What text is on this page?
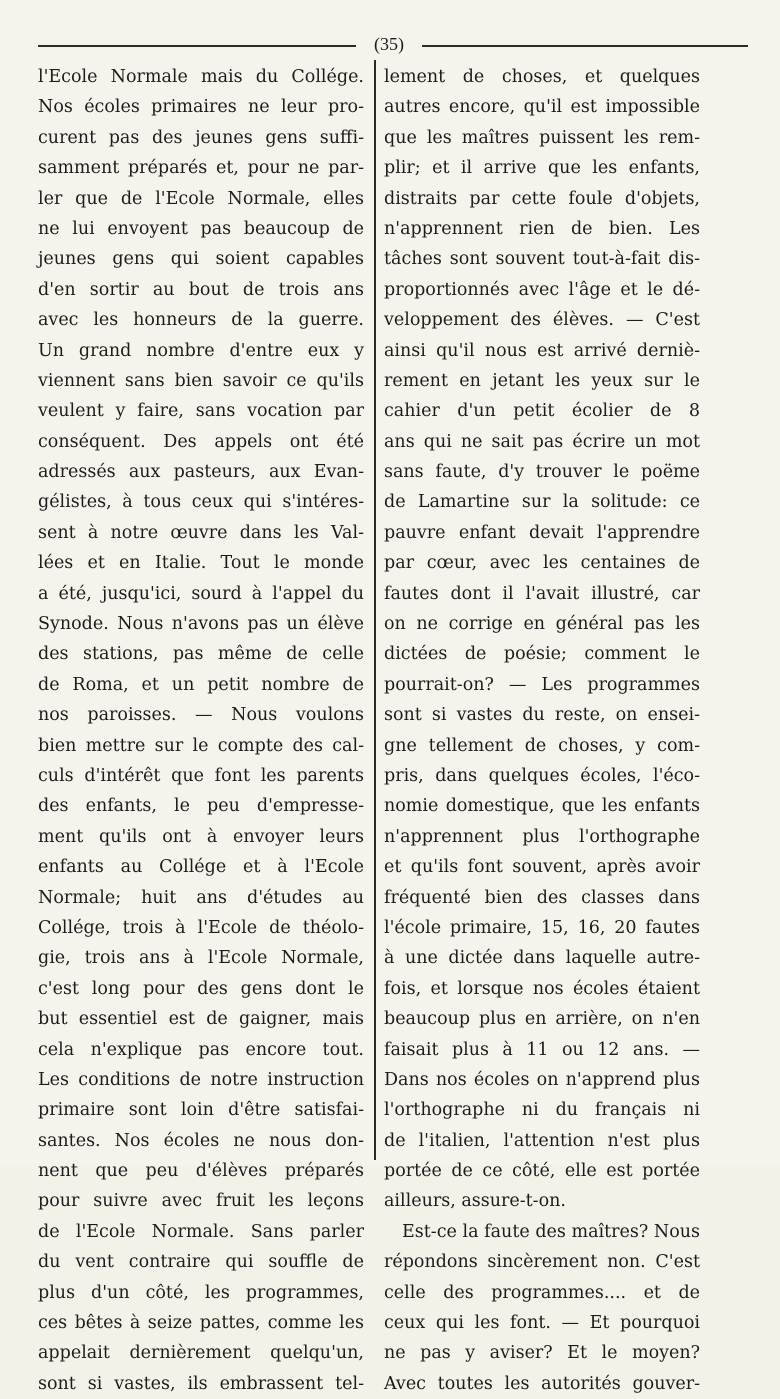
(35)
l'Ecole Normale mais du Collége.
Nos écoles primaires ne leur pro-
curent pas des jeunes gens suffi-
samment préparés et, pour ne par-
ler que de l'Ecole Normale, elles
ne lui envoyent pas beaucoup de
jeunes gens qui soient capables
d'en sortir au bout de trois ans
avec les honneurs de la guerre.
Un grand nombre d'entre eux y
viennent sans bien savoir ce qu'ils
veulent y faire, sans vocation par
conséquent. Des appels ont été
adressés aux pasteurs, aux Evan-
gélistes, à tous ceux qui s'intéres-
sent à notre œuvre dans les Val-
lées et en Italie. Tout le monde
a été, jusqu'ici, sourd à l'appel du
Synode. Nous n'avons pas un élève
des stations, pas même de celle
de Roma, et un petit nombre de
nos paroisses. — Nous voulons
bien mettre sur le compte des cal-
culs d'intérêt que font les parents
des enfants, le peu d'empresse-
ment qu'ils ont à envoyer leurs
enfants au Collége et à l'Ecole
Normale; huit ans d'études au
Collége, trois à l'Ecole de théolo-
gie, trois ans à l'Ecole Normale,
c'est long pour des gens dont le
but essentiel est de gaigner, mais
cela n'explique pas encore tout.
Les conditions de notre instruction
primaire sont loin d'être satisfai-
santes. Nos écoles ne nous don-
nent que peu d'élèves préparés
pour suivre avec fruit les leçons
de l'Ecole Normale. Sans parler
du vent contraire qui souffle de
plus d'un côté, les programmes,
ces bêtes à seize pattes, comme les
appelait dernièrement quelqu'un,
sont si vastes, ils embrassent tel-
lement de choses, et quelques
autres encore, qu'il est impossible
que les maîtres puissent les rem-
plir; et il arrive que les enfants,
distraits par cette foule d'objets,
n'apprennent rien de bien. Les
tâches sont souvent tout-à-fait dis-
proportionnés avec l'âge et le dé-
veloppement des élèves. — C'est
ainsi qu'il nous est arrivé derniè-
rement en jetant les yeux sur le
cahier d'un petit écolier de 8
ans qui ne sait pas écrire un mot
sans faute, d'y trouver le poëme
de Lamartine sur la solitude: ce
pauvre enfant devait l'apprendre
par cœur, avec les centaines de
fautes dont il l'avait illustré, car
on ne corrige en général pas les
dictées de poésie; comment le
pourrait-on? — Les programmes
sont si vastes du reste, on ensei-
gne tellement de choses, y com-
pris, dans quelques écoles, l'éco-
nomie domestique, que les enfants
n'apprennent plus l'orthographe
et qu'ils font souvent, après avoir
fréquenté bien des classes dans
l'école primaire, 15, 16, 20 fautes
à une dictée dans laquelle autre-
fois, et lorsque nos écoles étaient
beaucoup plus en arrière, on n'en
faisait plus à 11 ou 12 ans. —
Dans nos écoles on n'apprend plus
l'orthographe ni du français ni
de l'italien, l'attention n'est plus
portée de ce côté, elle est portée
ailleurs, assure-t-on.
Est-ce la faute des maîtres? Nous
répondons sincèrement non. C'est
celle des programmes.... et de
ceux qui les font. — Et pourquoi
ne pas y aviser? Et le moyen?
Avec toutes les autorités gouver-
